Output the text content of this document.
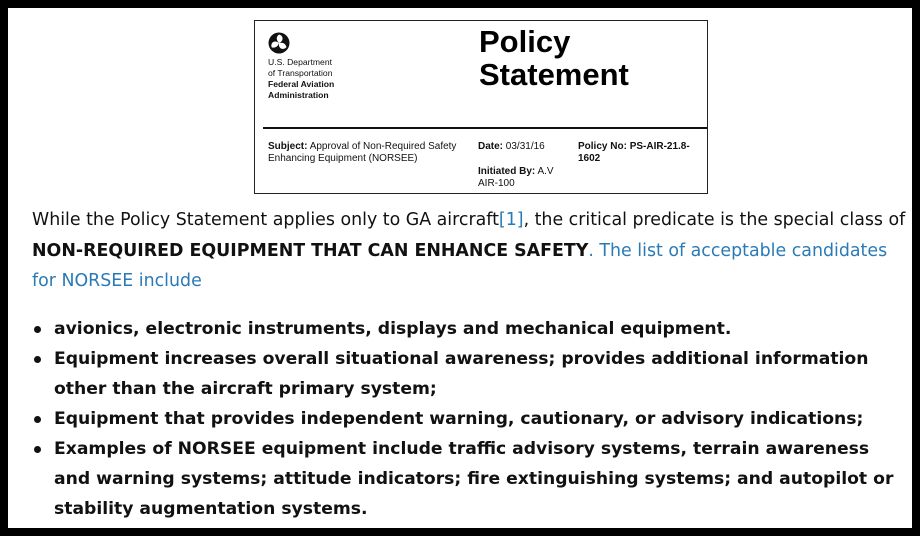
U.S. Department
of Transportation
Federal Aviation
Administration
Policy
Statement
Subject: Approval of Non-Required Safety Enhancing Equipment (NORSEE)
Date: 03/31/16
Initiated By: A.V AIR-100
Policy No: PS-AIR-21.8-1602
While the Policy Statement applies only to GA aircraft[1], the critical predicate is the special class of NON-REQUIRED EQUIPMENT THAT CAN ENHANCE SAFETY. The list of acceptable candidates for NORSEE include
avionics, electronic instruments, displays and mechanical equipment.
Equipment increases overall situational awareness; provides additional information other than the aircraft primary system;
Equipment that provides independent warning, cautionary, or advisory indications;
Examples of NORSEE equipment include traffic advisory systems, terrain awareness and warning systems; attitude indicators; fire extinguishing systems; and autopilot or stability augmentation systems.
